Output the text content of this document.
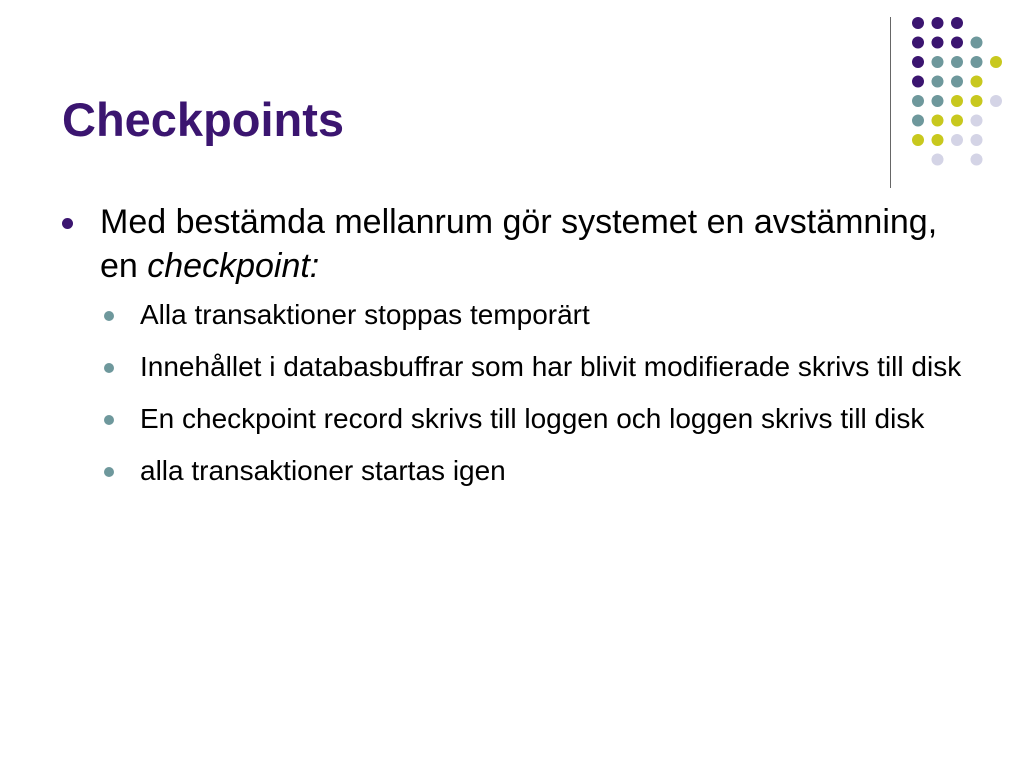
Checkpoints
Med bestämda mellanrum gör systemet en avstämning, en checkpoint:
Alla transaktioner stoppas temporärt
Innehållet i databasbuffrar som har blivit modifierade skrivs till disk
En checkpoint record skrivs till loggen och loggen skrivs till disk
alla transaktioner startas igen
